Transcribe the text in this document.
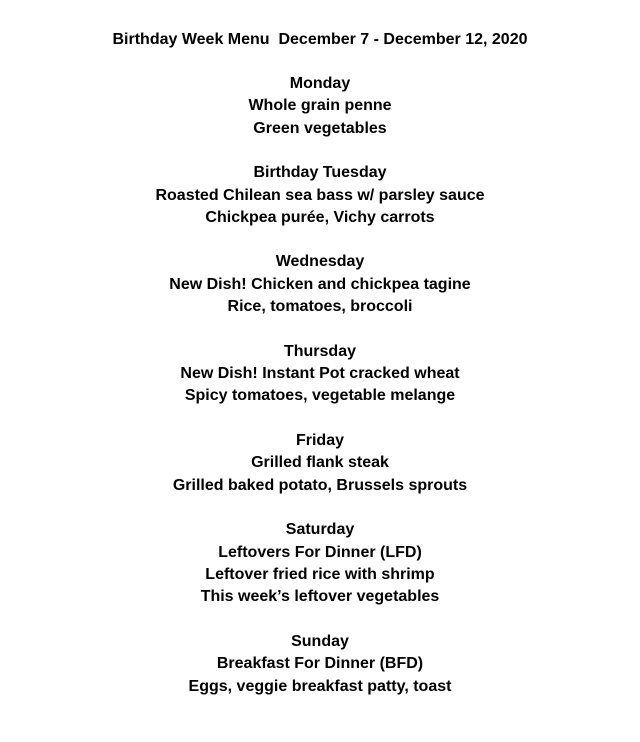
Birthday Week Menu  December 7 - December 12, 2020

Monday

Whole grain penne

Green vegetables

Birthday Tuesday

Roasted Chilean sea bass w/ parsley sauce

Chickpea purée, Vichy carrots

Wednesday

New Dish! Chicken and chickpea tagine

Rice, tomatoes, broccoli

Thursday

New Dish! Instant Pot cracked wheat

Spicy tomatoes, vegetable melange

Friday

Grilled flank steak

Grilled baked potato, Brussels sprouts

Saturday

Leftovers For Dinner (LFD)

Leftover fried rice with shrimp

This week’s leftover vegetables

Sunday

Breakfast For Dinner (BFD)

Eggs, veggie breakfast patty, toast
